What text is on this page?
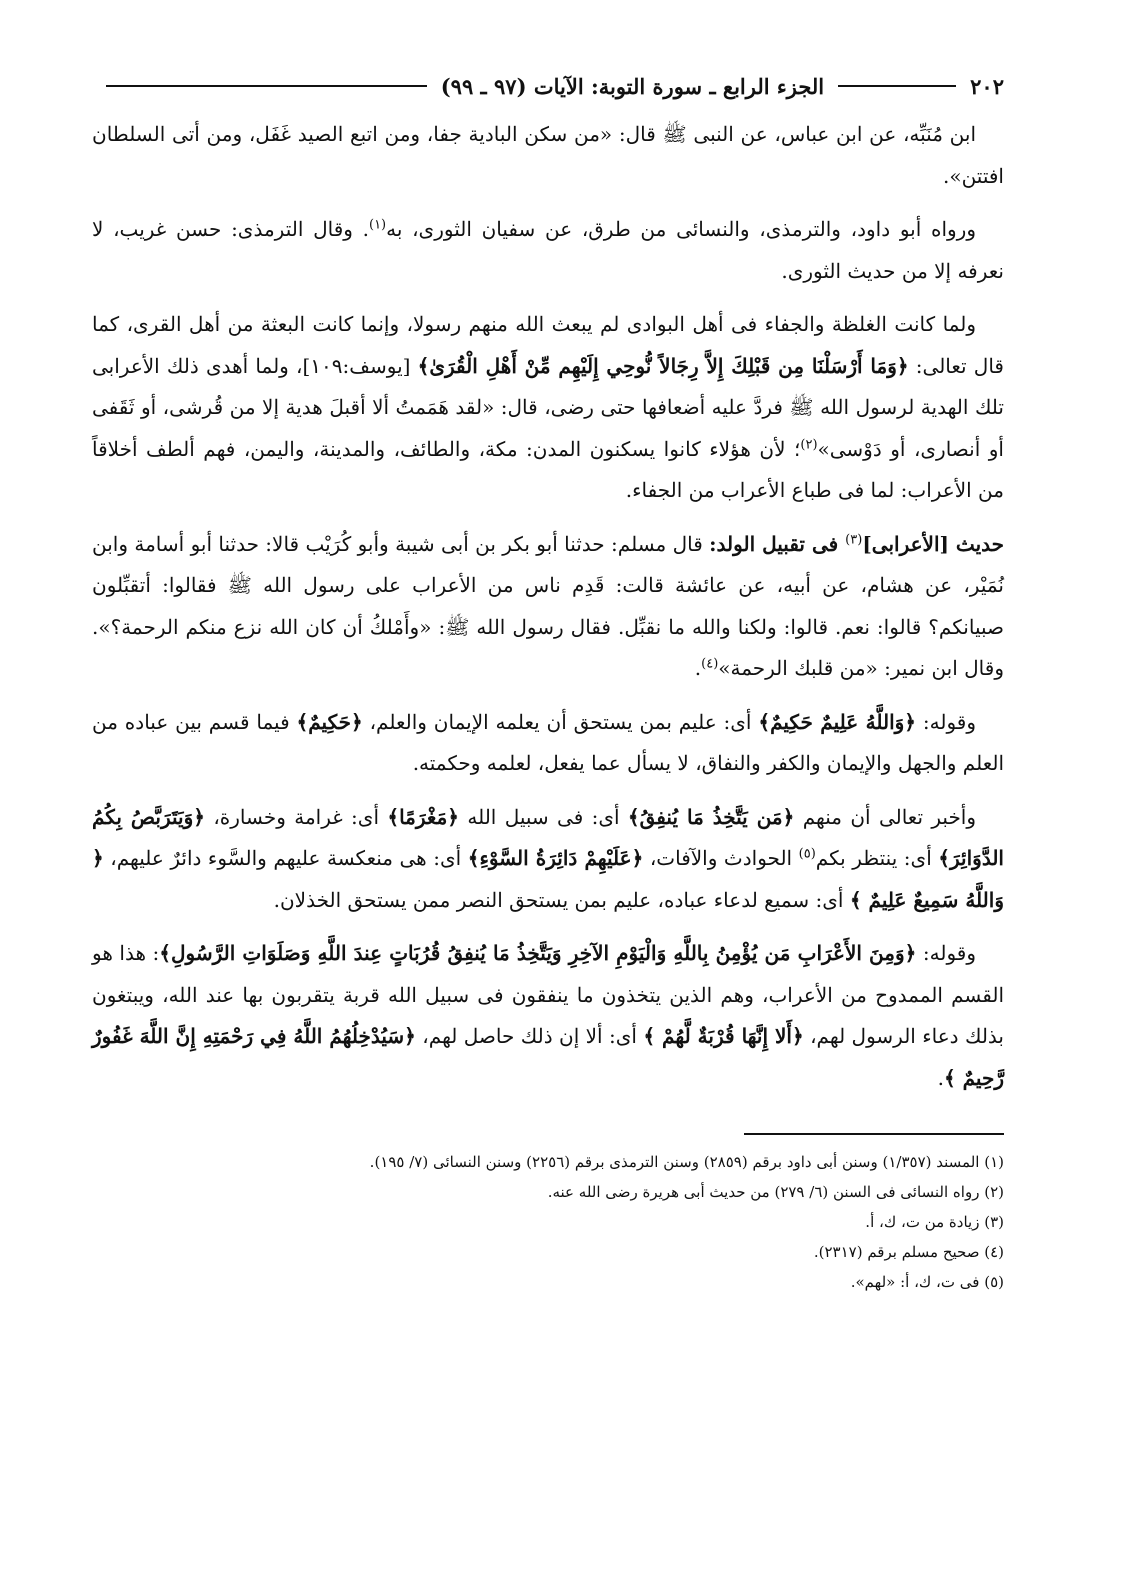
٢٠٢
الجزء الرابع ـ سورة التوبة: الآيات (٩٧ ـ ٩٩)

ابن مُنَبِّه، عن ابن عباس، عن النبى ﷺ قال: «من سكن البادية جفا، ومن اتبع الصيد غَفَل، ومن أتى السلطان افتتن».

ورواه أبو داود، والترمذى، والنسائى من طرق، عن سفيان الثورى، به$^{(١)}$. وقال الترمذى: حسن غريب، لا نعرفه إلا من حديث الثورى.

ولما كانت الغلظة والجفاء فى أهل البوادى لم يبعث الله منهم رسولا، وإنما كانت البعثة من أهل القرى، كما قال تعالى: ﴿وَمَا أَرْسَلْنَا مِن قَبْلِكَ إِلاَّ رِجَالاً نُّوحِي إِلَيْهِم مِّنْ أَهْلِ الْقُرَىٰ﴾ [يوسف:١٠٩]، ولما أهدى ذلك الأعرابى تلك الهدية لرسول الله ﷺ فردَّ عليه أضعافها حتى رضى، قال: «لقد هَمَمتُ ألا أقبلَ هدية إلا من قُرشى، أو ثَقَفى أو أنصارى، أو دَوْسى»$^{(٢)}$؛ لأن هؤلاء كانوا يسكنون المدن: مكة، والطائف، والمدينة، واليمن، فهم ألطف أخلاقاً من الأعراب: لما فى طباع الأعراب من الجفاء.

حديث [الأعرابى]$^{(٣)}$ فى تقبيل الولد: قال مسلم: حدثنا أبو بكر بن أبى شيبة وأبو كُرَيْب قالا: حدثنا أبو أسامة وابن نُمَيْر، عن هشام، عن أبيه، عن عائشة قالت: قَدِم ناس من الأعراب على رسول الله ﷺ فقالوا: أتقبِّلون صبيانكم؟ قالوا: نعم. قالوا: ولكنا والله ما نقبِّل. فقال رسول الله ﷺ: «وأَمْلكُ أن كان الله نزع منكم الرحمة؟». وقال ابن نمير: «من قلبك الرحمة»$^{(٤)}$.

وقوله: ﴿وَاللَّهُ عَلِيمٌ حَكِيمٌ﴾ أى: عليم بمن يستحق أن يعلمه الإيمان والعلم، ﴿حَكِيمٌ﴾ فيما قسم بين عباده من العلم والجهل والإيمان والكفر والنفاق، لا يسأل عما يفعل، لعلمه وحكمته.

وأخبر تعالى أن منهم ﴿مَن يَتَّخِذُ مَا يُنفِقُ﴾ أى: فى سبيل الله ﴿مَغْرَمًا﴾ أى: غرامة وخسارة، ﴿وَيَتَرَبَّصُ بِكُمُ الدَّوَائِرَ﴾ أى: ينتظر بكم$^{(٥)}$ الحوادث والآفات، ﴿عَلَيْهِمْ دَائِرَةُ السَّوْءِ﴾ أى: هى منعكسة عليهم والسَّوء دائرٌ عليهم، ﴿ وَاللَّهُ سَمِيعٌ عَلِيمٌ ﴾ أى: سميع لدعاء عباده، عليم بمن يستحق النصر ممن يستحق الخذلان.

وقوله: ﴿وَمِنَ الأَعْرَابِ مَن يُؤْمِنُ بِاللَّهِ وَالْيَوْمِ الآخِرِ وَيَتَّخِذُ مَا يُنفِقُ قُرُبَاتٍ عِندَ اللَّهِ وَصَلَوَاتِ الرَّسُولِ﴾: هذا هو القسم الممدوح من الأعراب، وهم الذين يتخذون ما ينفقون فى سبيل الله قربة يتقربون بها عند الله، ويبتغون بذلك دعاء الرسول لهم، ﴿أَلا إِنَّهَا قُرْبَةٌ لَّهُمْ ﴾ أى: ألا إن ذلك حاصل لهم، ﴿سَيُدْخِلُهُمُ اللَّهُ فِي رَحْمَتِهِ إِنَّ اللَّهَ غَفُورٌ رَّحِيمٌ ﴾.

(١) المسند (١/٣٥٧) وسنن أبى داود برقم (٢٨٥٩) وسنن الترمذى برقم (٢٢٥٦) وسنن النسائى (٧/ ١٩٥).

(٢) رواه النسائى فى السنن (٦/ ٢٧٩) من حديث أبى هريرة رضى الله عنه.

(٣) زيادة من ت، ك، أ.

(٤) صحيح مسلم برقم (٢٣١٧).

(٥) فى ت، ك، أ: «لهم».
